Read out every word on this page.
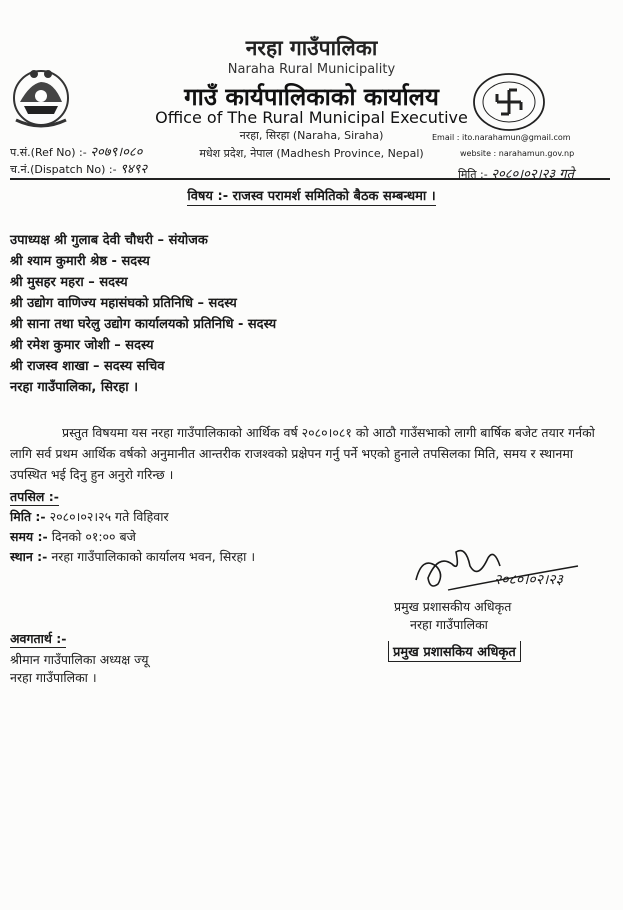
नरहा गाउँपालिका
Naraha Rural Municipality
गाउँ कार्यपालिकाको कार्यालय
Office of The Rural Municipal Executive
नरहा, सिरहा (Naraha, Siraha)
मधेश प्रदेश, नेपाल (Madhesh Province, Nepal)
प.सं.(Ref No) :- २०७९।०८०
च.नं.(Dispatch No) :- ९४९२
Email : ito.narahamun@gmail.com
website : narahamun.gov.np
मिति :- २०८०।०२।२३ गते
विषय :- राजस्व परामर्श समितिको बैठक सम्बन्धमा ।
उपाध्यक्ष श्री गुलाब देवी चौधरी – संयोजक
श्री श्याम कुमारी श्रेष्ठ - सदस्य
श्री मुसहर महरा – सदस्य
श्री उद्योग वाणिज्य महासंघको प्रतिनिधि – सदस्य
श्री साना तथा घरेलु उद्योग कार्यालयको प्रतिनिधि - सदस्य
श्री रमेश कुमार जोशी – सदस्य
श्री राजस्व शाखा – सदस्य सचिव
नरहा गाउँपालिका, सिरहा ।
प्रस्तुत विषयमा यस नरहा गाउँपालिकाको आर्थिक वर्ष २०८०।०८१ को आठौ गाउँसभाको लागी बार्षिक बजेट तयार गर्नको लागि सर्व प्रथम आर्थिक वर्षको अनुमानीत आन्तरीक राजश्वको प्रक्षेपन गर्नु पर्ने भएको हुनाले तपसिलका मिति, समय र स्थानमा उपस्थित भई दिनु हुन अनुरो गरिन्छ ।
तपसिल :-
मिति :- २०८०।०२।२५ गते विहिवार
समय :- दिनको ०१:०० बजे
स्थान :- नरहा गाउँपालिकाको कार्यालय भवन, सिरहा ।
२०८०।०२।२३
प्रमुख प्रशासकीय अधिकृत
नरहा गाउँपालिका
प्रमुख प्रशासकिय अधिकृत
अवगतार्थ :-
श्रीमान गाउँपालिका अध्यक्ष ज्यू
नरहा गाउँपालिका ।
